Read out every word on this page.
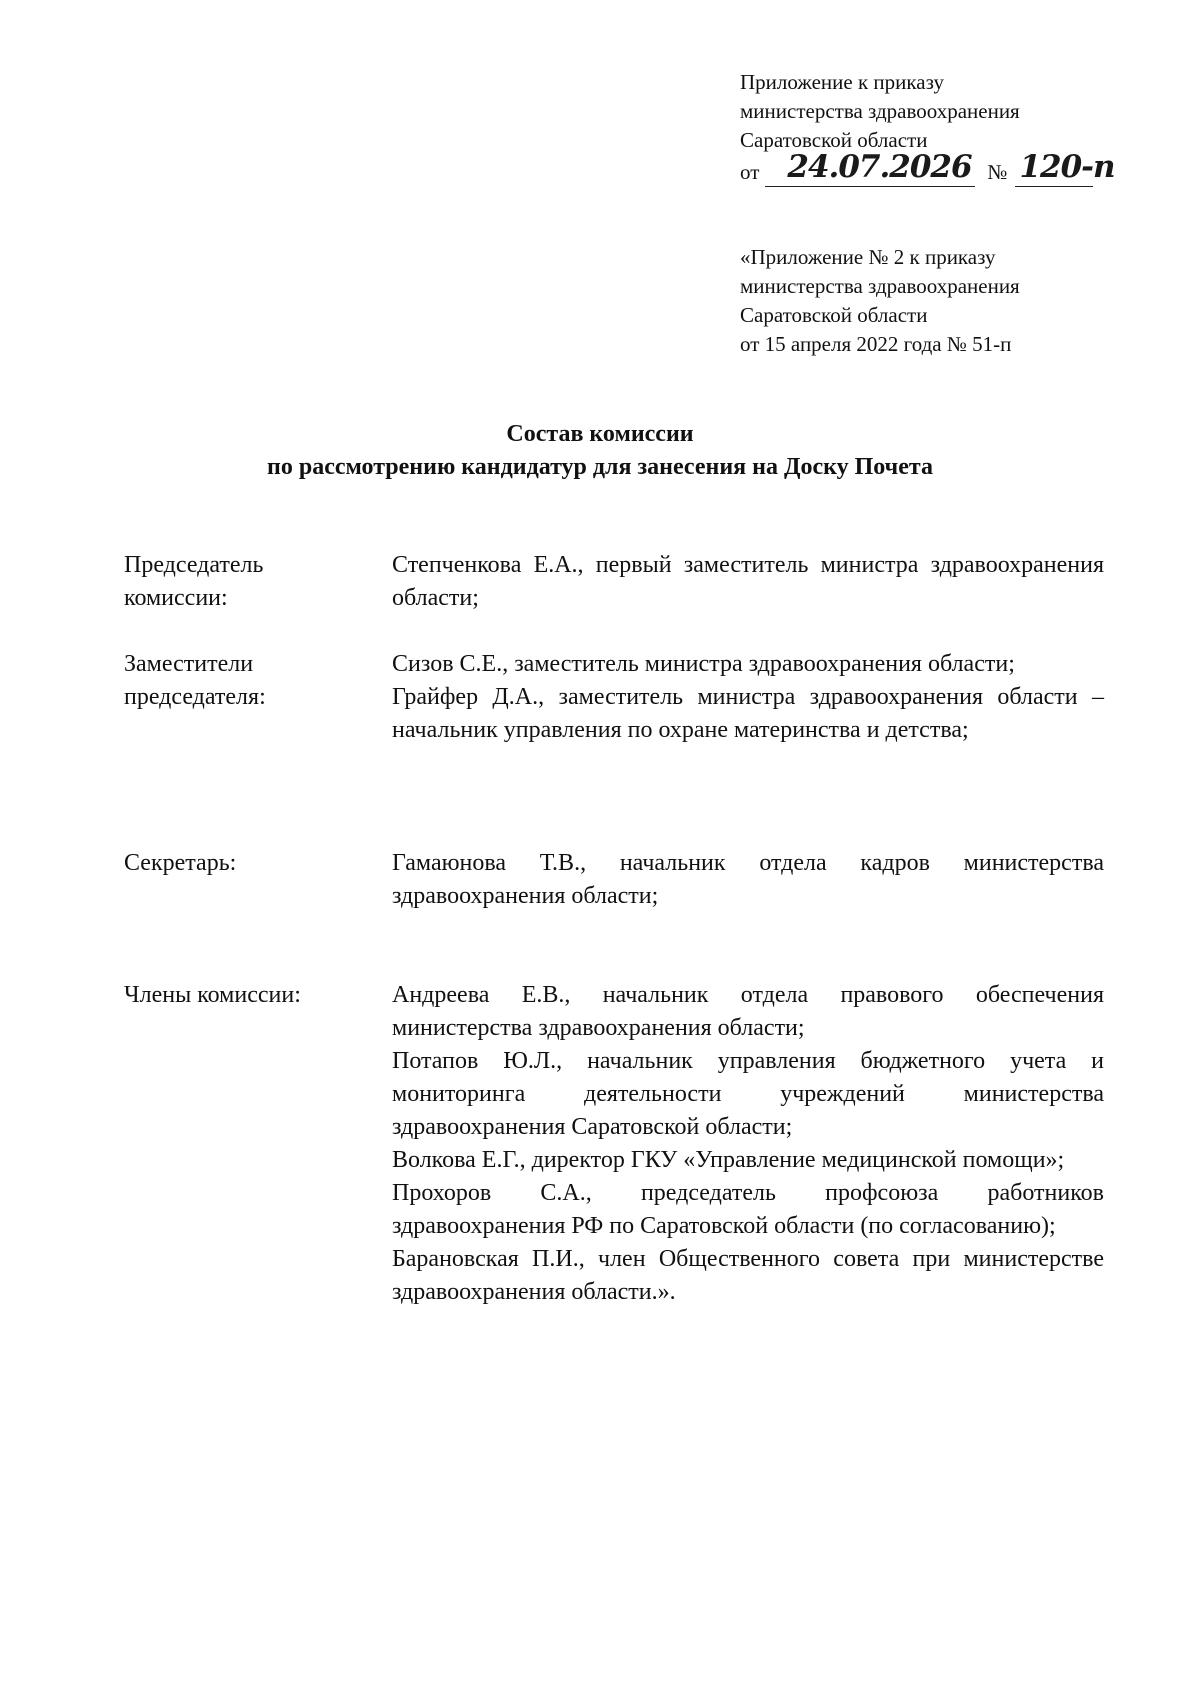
Приложение к приказу
министерства здравоохранения
Саратовской области
от 24.07.2026 № 120-п
«Приложение № 2 к приказу
министерства здравоохранения
Саратовской области
от 15 апреля 2022 года № 51-п
Состав комиссии
по рассмотрению кандидатур для занесения на Доску Почета
Председатель
комиссии:
Степченкова Е.А., первый заместитель министра здравоохранения области;
Заместители
председателя:
Сизов С.Е., заместитель министра здравоохранения области;
Грайфер Д.А., заместитель министра здравоохранения области – начальник управления по охране материнства и детства;
Секретарь:	Гамаюнова Т.В., начальник отдела кадров министерства здравоохранения области;
Члены комиссии:	Андреева Е.В., начальник отдела правового обеспечения министерства здравоохранения области;
Потапов Ю.Л., начальник управления бюджетного учета и мониторинга деятельности учреждений министерства здравоохранения Саратовской области;
Волкова Е.Г., директор ГКУ «Управление медицинской помощи»;
Прохоров С.А., председатель профсоюза работников здравоохранения РФ по Саратовской области (по согласованию);
Барановская П.И., член Общественного совета при министерстве здравоохранения области.».
